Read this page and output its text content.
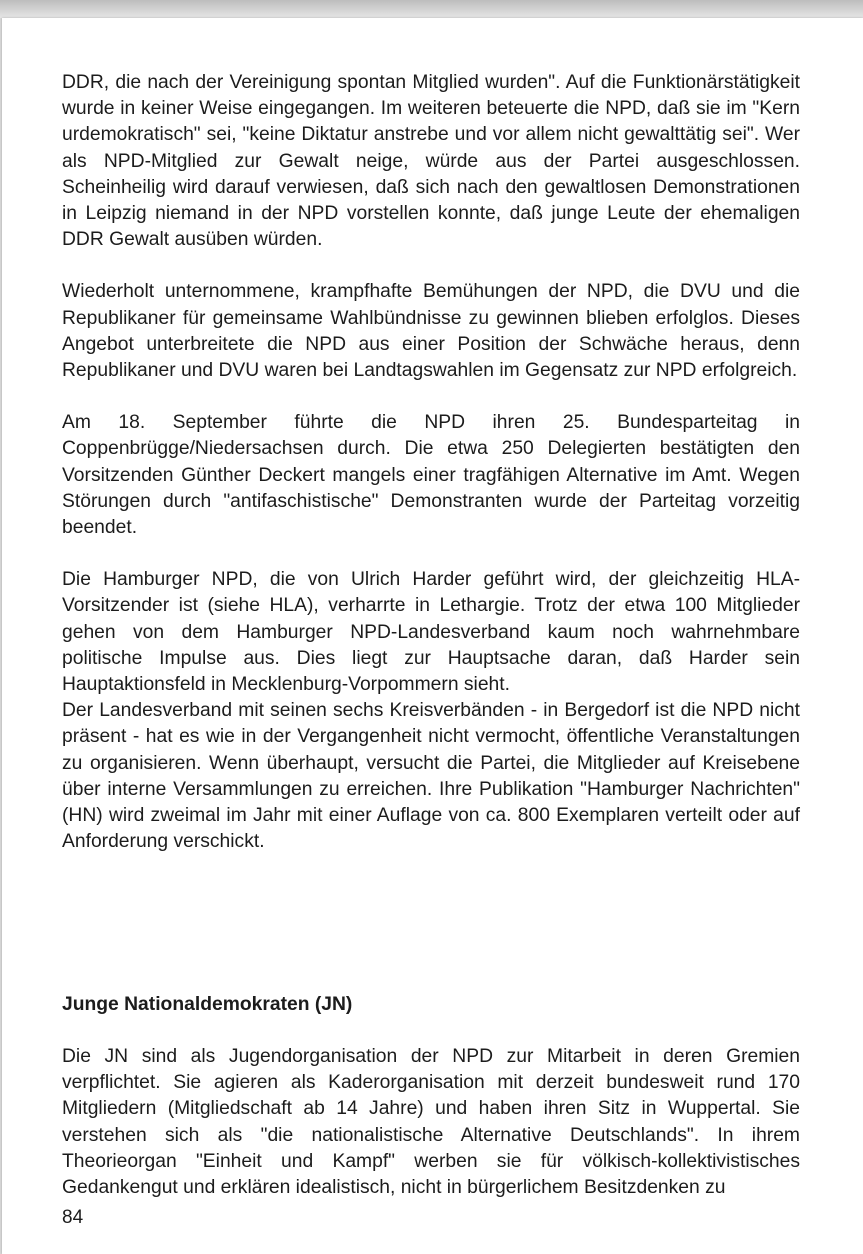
DDR, die nach der Vereinigung spontan Mitglied wurden". Auf die Funktionärstätigkeit wurde in keiner Weise eingegangen. Im weiteren beteuerte die NPD, daß sie im "Kern urdemokratisch" sei, "keine Diktatur anstrebe und vor allem nicht gewalttätig sei". Wer als NPD-Mitglied zur Gewalt neige, würde aus der Partei ausgeschlossen. Scheinheilig wird darauf verwiesen, daß sich nach den gewaltlosen Demonstrationen in Leipzig niemand in der NPD vorstellen konnte, daß junge Leute der ehemaligen DDR Gewalt ausüben würden.

Wiederholt unternommene, krampfhafte Bemühungen der NPD, die DVU und die Republikaner für gemeinsame Wahlbündnisse zu gewinnen blieben erfolglos. Dieses Angebot unterbreitete die NPD aus einer Position der Schwäche heraus, denn Republikaner und DVU waren bei Landtagswahlen im Gegensatz zur NPD erfolgreich.

Am 18. September führte die NPD ihren 25. Bundesparteitag in Coppenbrügge/Niedersachsen durch. Die etwa 250 Delegierten bestätigten den Vorsitzenden Günther Deckert mangels einer tragfähigen Alternative im Amt. Wegen Störungen durch "antifaschistische" Demonstranten wurde der Parteitag vorzeitig beendet.

Die Hamburger NPD, die von Ulrich Harder geführt wird, der gleichzeitig HLA-Vorsitzender ist (siehe HLA), verharrte in Lethargie. Trotz der etwa 100 Mitglieder gehen von dem Hamburger NPD-Landesverband kaum noch wahrnehmbare politische Impulse aus. Dies liegt zur Hauptsache daran, daß Harder sein Hauptaktionsfeld in Mecklenburg-Vorpommern sieht.

Der Landesverband mit seinen sechs Kreisverbänden - in Bergedorf ist die NPD nicht präsent - hat es wie in der Vergangenheit nicht vermocht, öffentliche Veranstaltungen zu organisieren. Wenn überhaupt, versucht die Partei, die Mitglieder auf Kreisebene über interne Versammlungen zu erreichen. Ihre Publikation "Hamburger Nachrichten" (HN) wird zweimal im Jahr mit einer Auflage von ca. 800 Exemplaren verteilt oder auf Anforderung verschickt.

Junge Nationaldemokraten (JN)

Die JN sind als Jugendorganisation der NPD zur Mitarbeit in deren Gremien verpflichtet. Sie agieren als Kaderorganisation mit derzeit bundesweit rund 170 Mitgliedern (Mitgliedschaft ab 14 Jahre) und haben ihren Sitz in Wuppertal. Sie verstehen sich als "die nationalistische Alternative Deutschlands". In ihrem Theorieorgan "Einheit und Kampf" werben sie für völkisch-kollektivistisches Gedankengut und erklären idealistisch, nicht in bürgerlichem Besitzdenken zu

84
